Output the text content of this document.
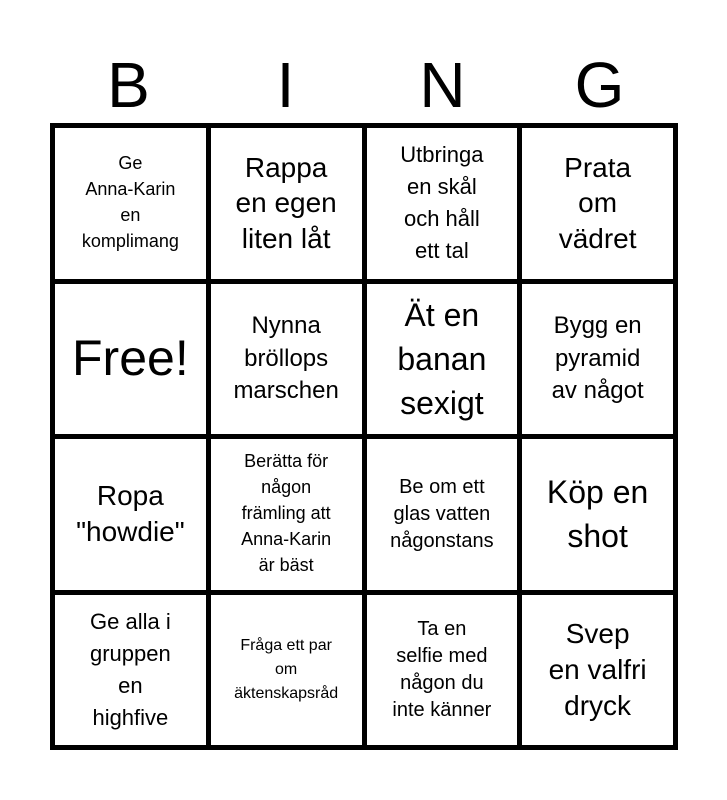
B	I	N	G
Ge
Anna-Karin
en
komplimang
Rappa
en egen
liten låt
Utbringa
en skål
och håll
ett tal
Prata
om
vädret
Free!
Nynna
bröllops
marschen
Ät en
banan
sexigt
Bygg en
pyramid
av något
Ropa
"howdie"
Berätta för
någon
främling att
Anna-Karin
är bäst
Be om ett
glas vatten
någonstans
Köp en
shot
Ge alla i
gruppen
en
highfive
Fråga ett par
om
äktenskapsråd
Ta en
selfie med
någon du
inte känner
Svep
en valfri
dryck
